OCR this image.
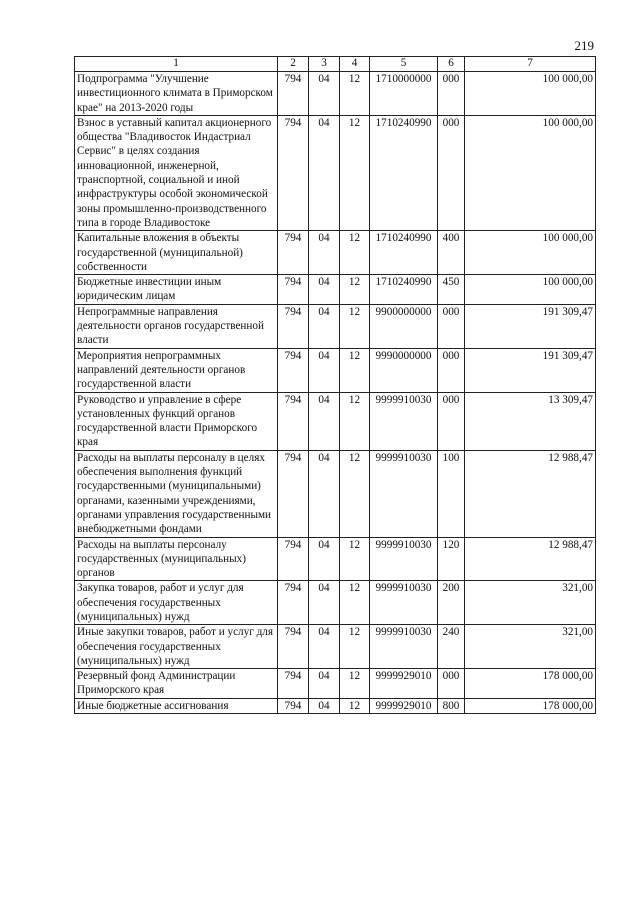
219
1	2	3	4	5	6	7
Подпрограмма "Улучшение инвестиционного климата в Приморском крае" на 2013-2020 годы	794	04	12	1710000000	000	100 000,00
Взнос в уставный капитал акционерного общества "Владивосток Индастриал Сервис" в целях создания инновационной, инженерной, транспортной, социальной и иной инфраструктуры особой экономической зоны промышленно-производственного типа в городе Владивостоке	794	04	12	1710240990	000	100 000,00
Капитальные вложения в объекты государственной (муниципальной) собственности	794	04	12	1710240990	400	100 000,00
Бюджетные инвестиции иным юридическим лицам	794	04	12	1710240990	450	100 000,00
Непрограммные направления деятельности органов государственной власти	794	04	12	9900000000	000	191 309,47
Мероприятия непрограммных направлений деятельности органов государственной власти	794	04	12	9990000000	000	191 309,47
Руководство и управление в сфере установленных функций органов государственной власти Приморского края	794	04	12	9999910030	000	13 309,47
Расходы на выплаты персоналу в целях обеспечения выполнения функций государственными (муниципальными) органами, казенными учреждениями, органами управления государственными внебюджетными фондами	794	04	12	9999910030	100	12 988,47
Расходы на выплаты персоналу государственных (муниципальных) органов	794	04	12	9999910030	120	12 988,47
Закупка товаров, работ и услуг для обеспечения государственных (муниципальных) нужд	794	04	12	9999910030	200	321,00
Иные закупки товаров, работ и услуг для обеспечения государственных (муниципальных) нужд	794	04	12	9999910030	240	321,00
Резервный фонд Администрации Приморского края	794	04	12	9999929010	000	178 000,00
Иные бюджетные ассигнования	794	04	12	9999929010	800	178 000,00
